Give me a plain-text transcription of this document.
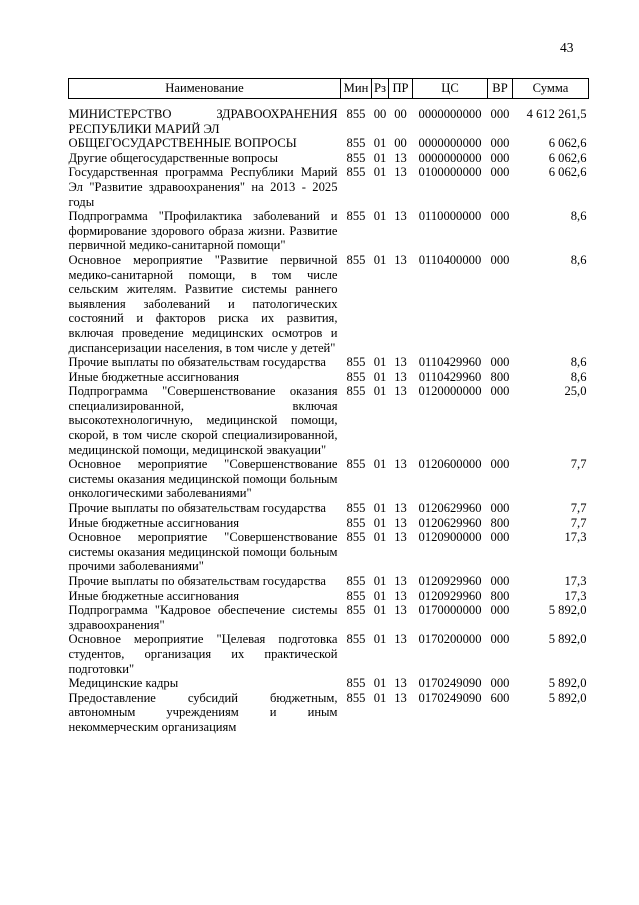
43
Наименование	Мин	Рз	ПР	ЦС	ВР	Сумма
МИНИСТЕРСТВО ЗДРАВООХРАНЕНИЯ РЕСПУБЛИКИ МАРИЙ ЭЛ	855	00	00	0000000000	000	4 612 261,5
ОБЩЕГОСУДАРСТВЕННЫЕ ВОПРОСЫ	855	01	00	0000000000	000	6 062,6
Другие общегосударственные вопросы	855	01	13	0000000000	000	6 062,6
Государственная программа Республики Марий Эл "Развитие здравоохранения" на 2013 - 2025 годы	855	01	13	0100000000	000	6 062,6
Подпрограмма "Профилактика заболеваний и формирование здорового образа жизни. Развитие первичной медико-санитарной помощи"	855	01	13	0110000000	000	8,6
Основное мероприятие "Развитие первичной медико-санитарной помощи, в том числе сельским жителям. Развитие системы раннего выявления заболеваний и патологических состояний и факторов риска их развития, включая проведение медицинских осмотров и диспансеризации населения, в том числе у детей"	855	01	13	0110400000	000	8,6
Прочие выплаты по обязательствам государства	855	01	13	0110429960	000	8,6
Иные бюджетные ассигнования	855	01	13	0110429960	800	8,6
Подпрограмма "Совершенствование оказания специализированной, включая высокотехнологичную, медицинской помощи, скорой, в том числе скорой специализированной, медицинской помощи, медицинской эвакуации"	855	01	13	0120000000	000	25,0
Основное мероприятие "Совершенствование системы оказания медицинской помощи больным онкологическими заболеваниями"	855	01	13	0120600000	000	7,7
Прочие выплаты по обязательствам государства	855	01	13	0120629960	000	7,7
Иные бюджетные ассигнования	855	01	13	0120629960	800	7,7
Основное мероприятие "Совершенствование системы оказания медицинской помощи больным прочими заболеваниями"	855	01	13	0120900000	000	17,3
Прочие выплаты по обязательствам государства	855	01	13	0120929960	000	17,3
Иные бюджетные ассигнования	855	01	13	0120929960	800	17,3
Подпрограмма "Кадровое обеспечение системы здравоохранения"	855	01	13	0170000000	000	5 892,0
Основное мероприятие "Целевая подготовка студентов, организация их практической подготовки"	855	01	13	0170200000	000	5 892,0
Медицинские кадры	855	01	13	0170249090	000	5 892,0
Предоставление субсидий бюджетным, автономным учреждениям и иным некоммерческим организациям	855	01	13	0170249090	600	5 892,0
